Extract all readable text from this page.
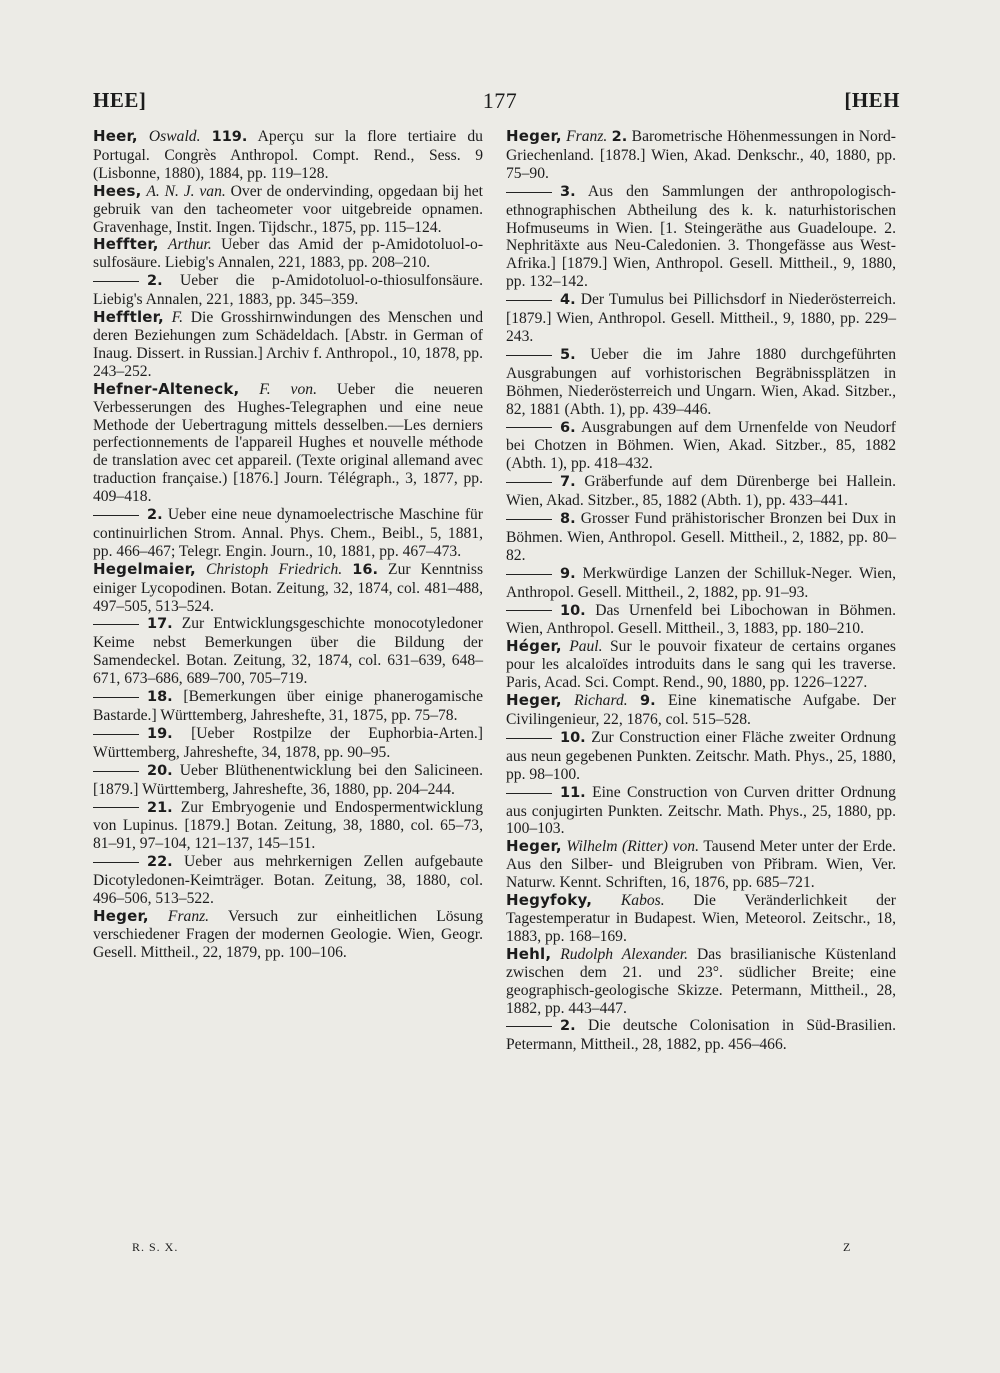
HEE]	177	[HEH
Heer, Oswald. 119. Aperçu sur la flore tertiaire du Portugal. Congrès Anthropol. Compt. Rend., Sess. 9 (Lisbonne, 1880), 1884, pp. 119–128.
Hees, A. N. J. van. Over de ondervinding, opgedaan bij het gebruik van den tacheometer voor uitgebreide opnamen. Gravenhage, Instit. Ingen. Tijdschr., 1875, pp. 115–124.
Heffter, Arthur. Ueber das Amid der p-Amidotoluol-o-sulfosäure. Liebig's Annalen, 221, 1883, pp. 208–210.
2. Ueber die p-Amidotoluol-o-thiosulfonsäure. Liebig's Annalen, 221, 1883, pp. 345–359.
Hefftler, F. Die Grosshirnwindungen des Menschen und deren Beziehungen zum Schädeldach. [Abstr. in German of Inaug. Dissert. in Russian.] Archiv f. Anthropol., 10, 1878, pp. 243–252.
Hefner-Alteneck, F. von. Ueber die neueren Verbesserungen des Hughes-Telegraphen und eine neue Methode der Uebertragung mittels desselben.—Les derniers perfectionnements de l'appareil Hughes et nouvelle méthode de translation avec cet appareil. (Texte original allemand avec traduction française.) [1876.] Journ. Télégraph., 3, 1877, pp. 409–418.
2. Ueber eine neue dynamoelectrische Maschine für continuirlichen Strom. Annal. Phys. Chem., Beibl., 5, 1881, pp. 466–467; Telegr. Engin. Journ., 10, 1881, pp. 467–473.
Hegelmaier, Christoph Friedrich. 16. Zur Kenntniss einiger Lycopodinen. Botan. Zeitung, 32, 1874, col. 481–488, 497–505, 513–524.
17. Zur Entwicklungsgeschichte monocotyledoner Keime nebst Bemerkungen über die Bildung der Samendeckel. Botan. Zeitung, 32, 1874, col. 631–639, 648–671, 673–686, 689–700, 705–719.
18. [Bemerkungen über einige phanerogamische Bastarde.] Württemberg, Jahreshefte, 31, 1875, pp. 75–78.
19. [Ueber Rostpilze der Euphorbia-Arten.] Württemberg, Jahreshefte, 34, 1878, pp. 90–95.
20. Ueber Blüthenentwicklung bei den Salicineen. [1879.] Württemberg, Jahreshefte, 36, 1880, pp. 204–244.
21. Zur Embryogenie und Endospermentwicklung von Lupinus. [1879.] Botan. Zeitung, 38, 1880, col. 65–73, 81–91, 97–104, 121–137, 145–151.
22. Ueber aus mehrkernigen Zellen aufgebaute Dicotyledonen-Keimträger. Botan. Zeitung, 38, 1880, col. 496–506, 513–522.
Heger, Franz. Versuch zur einheitlichen Lösung verschiedener Fragen der modernen Geologie. Wien, Geogr. Gesell. Mittheil., 22, 1879, pp. 100–106.
Heger, Franz. 2. Barometrische Höhenmessungen in Nord-Griechenland. [1878.] Wien, Akad. Denkschr., 40, 1880, pp. 75–90.
3. Aus den Sammlungen der anthropologisch-ethnographischen Abtheilung des k. k. naturhistorischen Hofmuseums in Wien. [1. Steingeräthe aus Guadeloupe. 2. Nephritäxte aus Neu-Caledonien. 3. Thongefässe aus West-Afrika.] [1879.] Wien, Anthropol. Gesell. Mittheil., 9, 1880, pp. 132–142.
4. Der Tumulus bei Pillichsdorf in Niederösterreich. [1879.] Wien, Anthropol. Gesell. Mittheil., 9, 1880, pp. 229–243.
5. Ueber die im Jahre 1880 durchgeführten Ausgrabungen auf vorhistorischen Begräbnissplätzen in Böhmen, Niederösterreich und Ungarn. Wien, Akad. Sitzber., 82, 1881 (Abth. 1), pp. 439–446.
6. Ausgrabungen auf dem Urnenfelde von Neudorf bei Chotzen in Böhmen. Wien, Akad. Sitzber., 85, 1882 (Abth. 1), pp. 418–432.
7. Gräberfunde auf dem Dürenberge bei Hallein. Wien, Akad. Sitzber., 85, 1882 (Abth. 1), pp. 433–441.
8. Grosser Fund prähistorischer Bronzen bei Dux in Böhmen. Wien, Anthropol. Gesell. Mittheil., 2, 1882, pp. 80–82.
9. Merkwürdige Lanzen der Schilluk-Neger. Wien, Anthropol. Gesell. Mittheil., 2, 1882, pp. 91–93.
10. Das Urnenfeld bei Libochowan in Böhmen. Wien, Anthropol. Gesell. Mittheil., 3, 1883, pp. 180–210.
Héger, Paul. Sur le pouvoir fixateur de certains organes pour les alcaloïdes introduits dans le sang qui les traverse. Paris, Acad. Sci. Compt. Rend., 90, 1880, pp. 1226–1227.
Heger, Richard. 9. Eine kinematische Aufgabe. Der Civilingenieur, 22, 1876, col. 515–528.
10. Zur Construction einer Fläche zweiter Ordnung aus neun gegebenen Punkten. Zeitschr. Math. Phys., 25, 1880, pp. 98–100.
11. Eine Construction von Curven dritter Ordnung aus conjugirten Punkten. Zeitschr. Math. Phys., 25, 1880, pp. 100–103.
Heger, Wilhelm (Ritter) von. Tausend Meter unter der Erde. Aus den Silber- und Bleigruben von Přibram. Wien, Ver. Naturw. Kennt. Schriften, 16, 1876, pp. 685–721.
Hegyfoky, Kabos. Die Veränderlichkeit der Tagestemperatur in Budapest. Wien, Meteorol. Zeitschr., 18, 1883, pp. 168–169.
Hehl, Rudolph Alexander. Das brasilianische Küstenland zwischen dem 21. und 23°. südlicher Breite; eine geographisch-geologische Skizze. Petermann, Mittheil., 28, 1882, pp. 443–447.
2. Die deutsche Colonisation in Süd-Brasilien. Petermann, Mittheil., 28, 1882, pp. 456–466.
R. S. X.	Z
